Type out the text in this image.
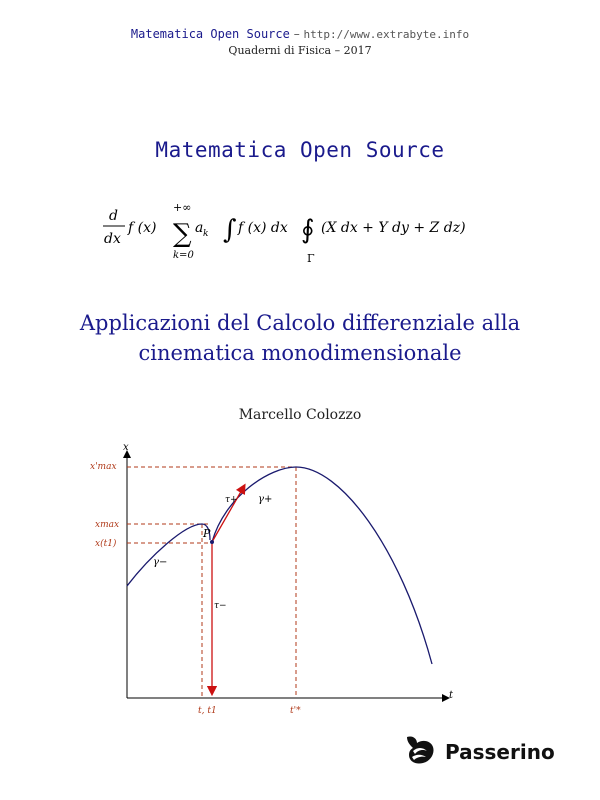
Matematica Open Source – http://www.extrabyte.info
Quaderni di Fisica – 2017
Matematica Open Source
d
dx
f (x)
+∞
∑
k=0
a k ∫ f (x) dx ∮
Γ
(X dx + Y dy + Z dz)
Applicazioni del Calcolo differenziale alla
cinematica monodimensionale
Marcello Colozzo
x
t
x'max
xmax
x(t1)
t, t1	t'*
P
γ−
γ+
τ+
τ−
Passerino
